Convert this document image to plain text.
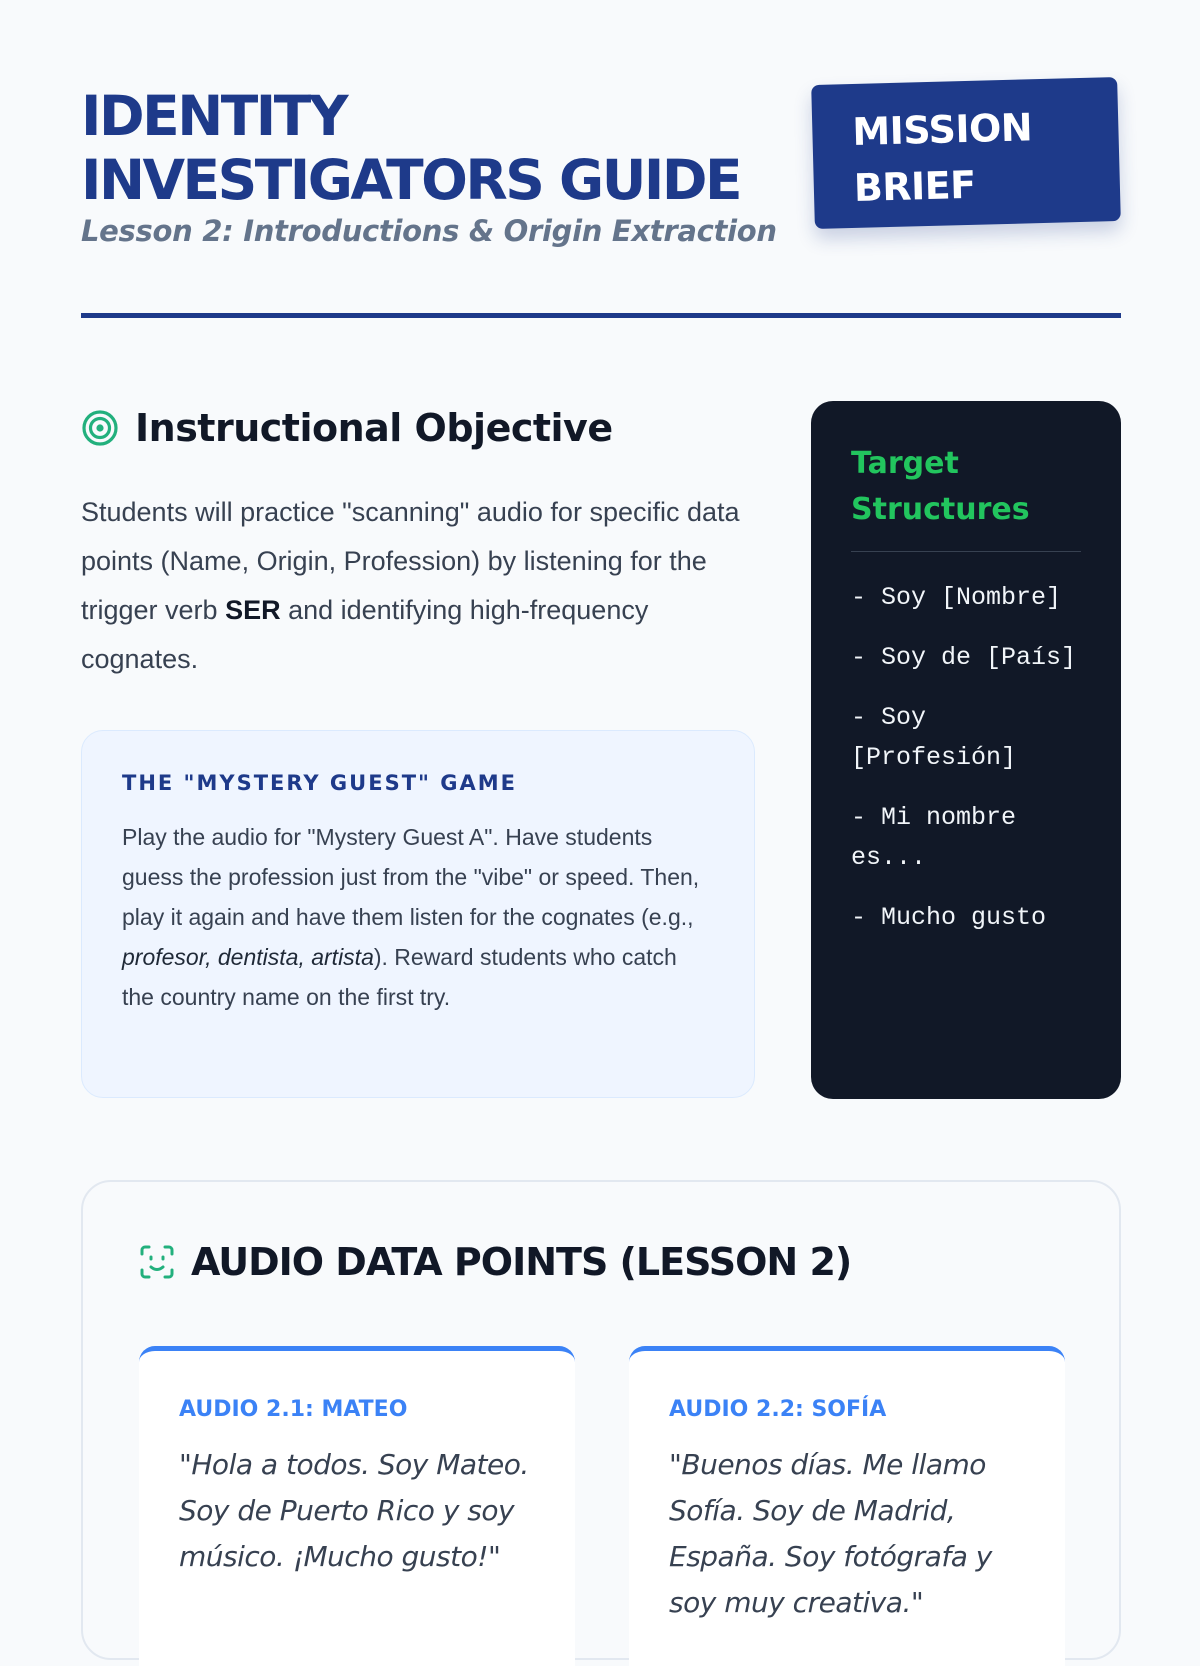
IDENTITY
INVESTIGATORS GUIDE
Lesson 2: Introductions & Origin Extraction
MISSION
BRIEF
Instructional Objective

Students will practice "scanning" audio for specific data points (Name, Origin, Profession) by listening for the trigger verb SER and identifying high-frequency cognates.

THE "MYSTERY GUEST" GAME

Play the audio for "Mystery Guest A". Have students guess the profession just from the "vibe" or speed. Then, play it again and have them listen for the cognates (e.g., profesor, dentista, artista). Reward students who catch the country name on the first try.

Target Structures
- Soy [Nombre]
- Soy de [País]
- Soy [Profesión]
- Mi nombre es...
- Mucho gusto
AUDIO DATA POINTS (LESSON 2)

AUDIO 2.1: MATEO

"Hola a todos. Soy Mateo. Soy de Puerto Rico y soy músico. ¡Mucho gusto!"

AUDIO 2.2: SOFÍA

"Buenos días. Me llamo Sofía. Soy de Madrid, España. Soy fotógrafa y soy muy creativa."
